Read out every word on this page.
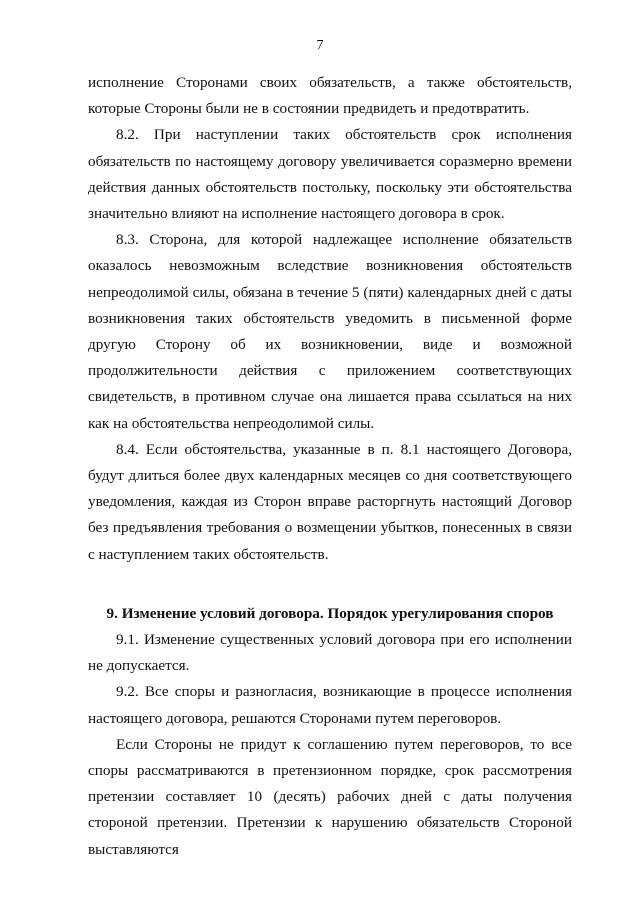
7

исполнение Сторонами своих обязательств, а также обстоятельств, которые Стороны были не в состоянии предвидеть и предотвратить.

8.2. При наступлении таких обстоятельств срок исполнения обязательств по настоящему договору увеличивается соразмерно времени действия данных обстоятельств постольку, поскольку эти обстоятельства значительно влияют на исполнение настоящего договора в срок.

8.3. Сторона, для которой надлежащее исполнение обязательств оказалось невозможным вследствие возникновения обстоятельств непреодолимой силы, обязана в течение 5 (пяти) календарных дней с даты возникновения таких обстоятельств уведомить в письменной форме другую Сторону об их возникновении, виде и возможной продолжительности действия с приложением соответствующих свидетельств, в противном случае она лишается права ссылаться на них как на обстоятельства непреодолимой силы.

8.4. Если обстоятельства, указанные в п. 8.1 настоящего Договора, будут длиться более двух календарных месяцев со дня соответствующего уведомления, каждая из Сторон вправе расторгнуть настоящий Договор без предъявления требования о возмещении убытков, понесенных в связи с наступлением таких обстоятельств.

9. Изменение условий договора. Порядок урегулирования споров

9.1. Изменение существенных условий договора при его исполнении не допускается.

9.2. Все споры и разногласия, возникающие в процессе исполнения настоящего договора, решаются Сторонами путем переговоров.

Если Стороны не придут к соглашению путем переговоров, то все споры рассматриваются в претензионном порядке, срок рассмотрения претензии составляет 10 (десять) рабочих дней с даты получения стороной претензии. Претензии к нарушению обязательств Стороной выставляются
